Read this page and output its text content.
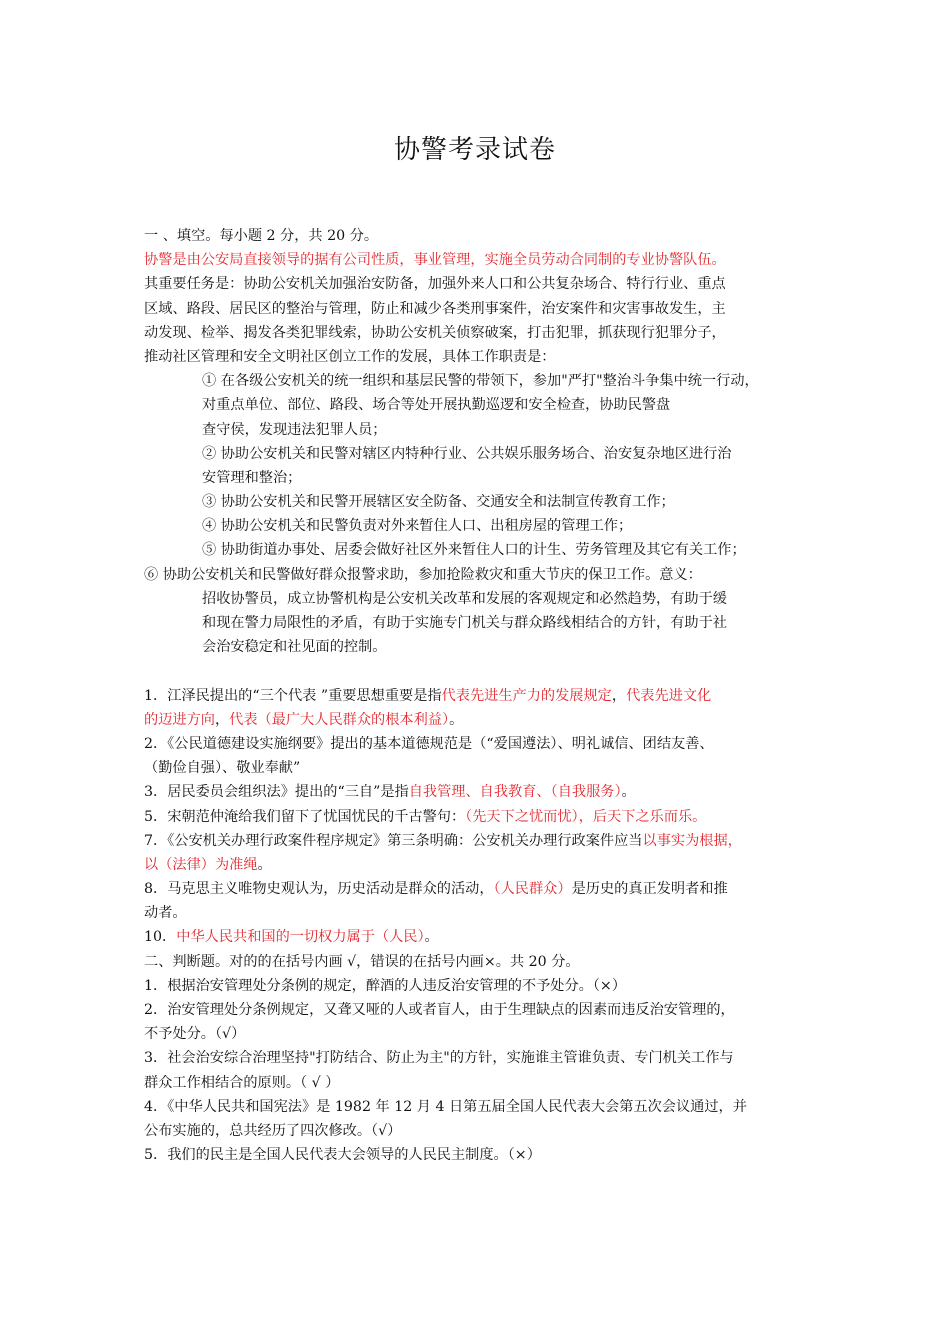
协警考录试卷
一 、填空。每小题 2 分，共 20 分。
协警是由公安局直接领导的据有公司性质，事业管理，实施全员劳动合同制的专业协警队伍。
其重要任务是：协助公安机关加强治安防备，加强外来人口和公共复杂场合、特行行业、重点
区域、路段、居民区的整治与管理，防止和减少各类刑事案件，治安案件和灾害事故发生，主
动发现、检举、揭发各类犯罪线索，协助公安机关侦察破案，打击犯罪，抓获现行犯罪分子，
推动社区管理和安全文明社区创立工作的发展，具体工作职责是：
① 在各级公安机关的统一组织和基层民警的带领下，参加"严打"整治斗争集中统一行动，
对重点单位、部位、路段、场合等处开展执勤巡逻和安全检查，协助民警盘
查守侯，发现违法犯罪人员；
② 协助公安机关和民警对辖区内特种行业、公共娱乐服务场合、治安复杂地区进行治
安管理和整治；
③ 协助公安机关和民警开展辖区安全防备、交通安全和法制宣传教育工作；
④ 协助公安机关和民警负责对外来暂住人口、出租房屋的管理工作；
⑤ 协助街道办事处、居委会做好社区外来暂住人口的计生、劳务管理及其它有关工作；
⑥ 协助公安机关和民警做好群众报警求助，参加抢险救灾和重大节庆的保卫工作。意义：
招收协警员，成立协警机构是公安机关改革和发展的客观规定和必然趋势，有助于缓
和现在警力局限性的矛盾，有助于实施专门机关与群众路线相结合的方针，有助于社
会治安稳定和社见面的控制。
1．江泽民提出的“三个代表 ”重要思想重要是指代表先进生产力的发展规定，代表先进文化
的迈进方向，代表（最广大人民群众的根本利益）。
2．《公民道德建设实施纲要》提出的基本道德规范是（“爱国遵法）、明礼诚信、团结友善、
（勤俭自强）、敬业奉献”
3．居民委员会组织法》提出的“三自”是指自我管理、自我教育、（自我服务）。
5．宋朝范仲淹给我们留下了忧国忧民的千古警句：（先天下之忧而忧），后天下之乐而乐。
7．《公安机关办理行政案件程序规定》第三条明确：公安机关办理行政案件应当以事实为根据，
以（法律）为准绳。
8．马克思主义唯物史观认为，历史活动是群众的活动，（人民群众）是历史的真正发明者和推
动者。
10．中华人民共和国的一切权力属于（人民）。
二、判断题。对的的在括号内画 √，错误的在括号内画×。共 20 分。
1．根据治安管理处分条例的规定，醉酒的人违反治安管理的不予处分。（×）
2．治安管理处分条例规定，又聋又哑的人或者盲人，由于生理缺点的因素而违反治安管理的，
不予处分。（√）
3．社会治安综合治理坚持"打防结合、防止为主"的方针，实施谁主管谁负责、专门机关工作与
群众工作相结合的原则。（ √ ）
4．《中华人民共和国宪法》是 1982 年 12 月 4 日第五届全国人民代表大会第五次会议通过，并
公布实施的，总共经历了四次修改。（√）
5．我们的民主是全国人民代表大会领导的人民民主制度。（×）
